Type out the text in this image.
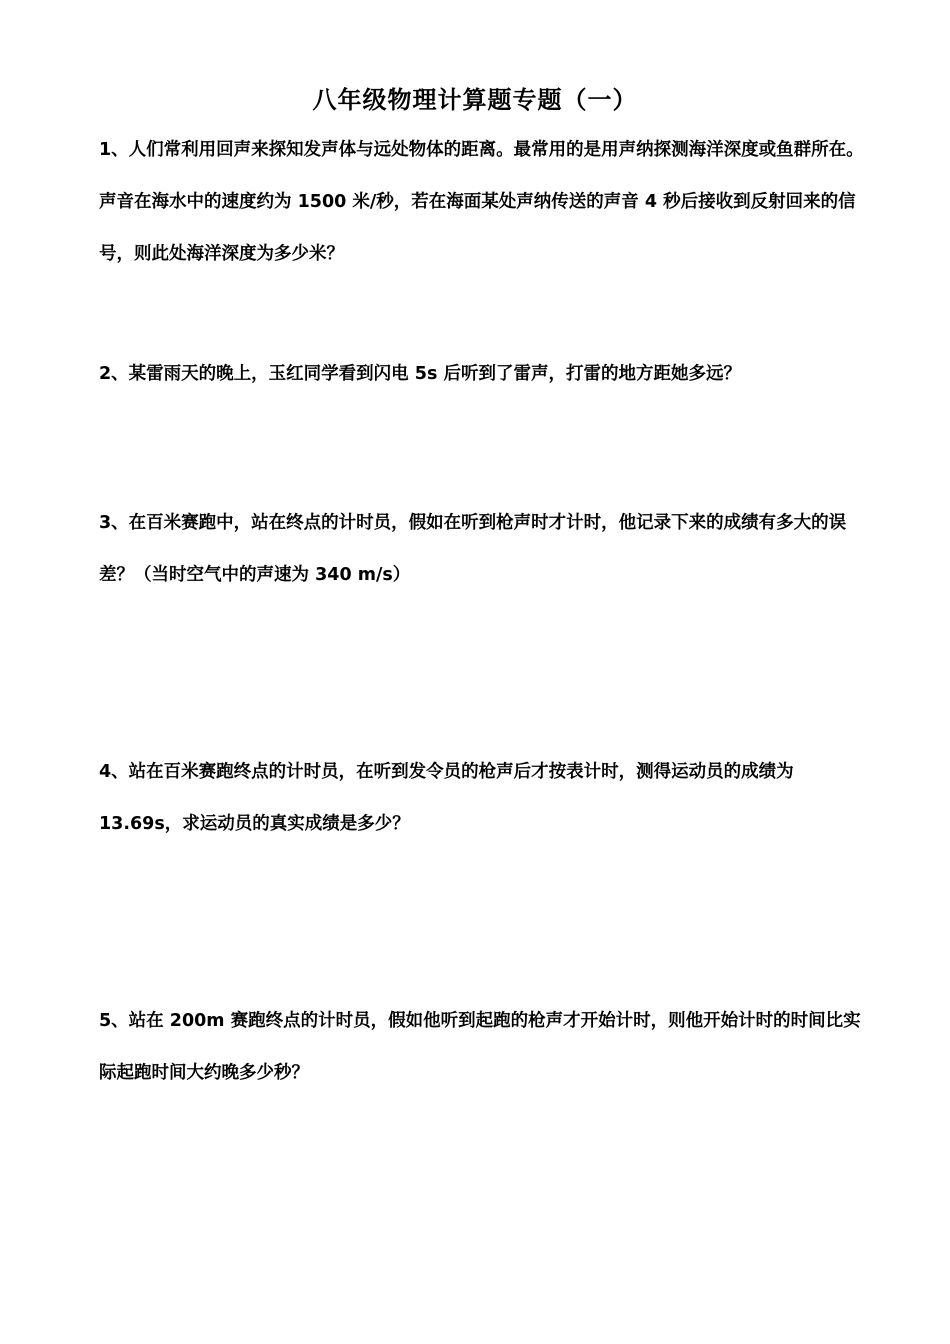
八年级物理计算题专题（一）

1、人们常利用回声来探知发声体与远处物体的距离。最常用的是用声纳探测海洋深度或鱼群所在。声音在海水中的速度约为 1500 米/秒，若在海面某处声纳传送的声音 4 秒后接收到反射回来的信号，则此处海洋深度为多少米？

2、某雷雨天的晚上，玉红同学看到闪电 5s 后听到了雷声，打雷的地方距她多远？

3、在百米赛跑中，站在终点的计时员，假如在听到枪声时才计时，他记录下来的成绩有多大的误差？（当时空气中的声速为 340 m/s）

4、站在百米赛跑终点的计时员，在听到发令员的枪声后才按表计时，测得运动员的成绩为 13.69s，求运动员的真实成绩是多少？

5、站在 200m 赛跑终点的计时员，假如他听到起跑的枪声才开始计时，则他开始计时的时间比实际起跑时间大约晚多少秒？
